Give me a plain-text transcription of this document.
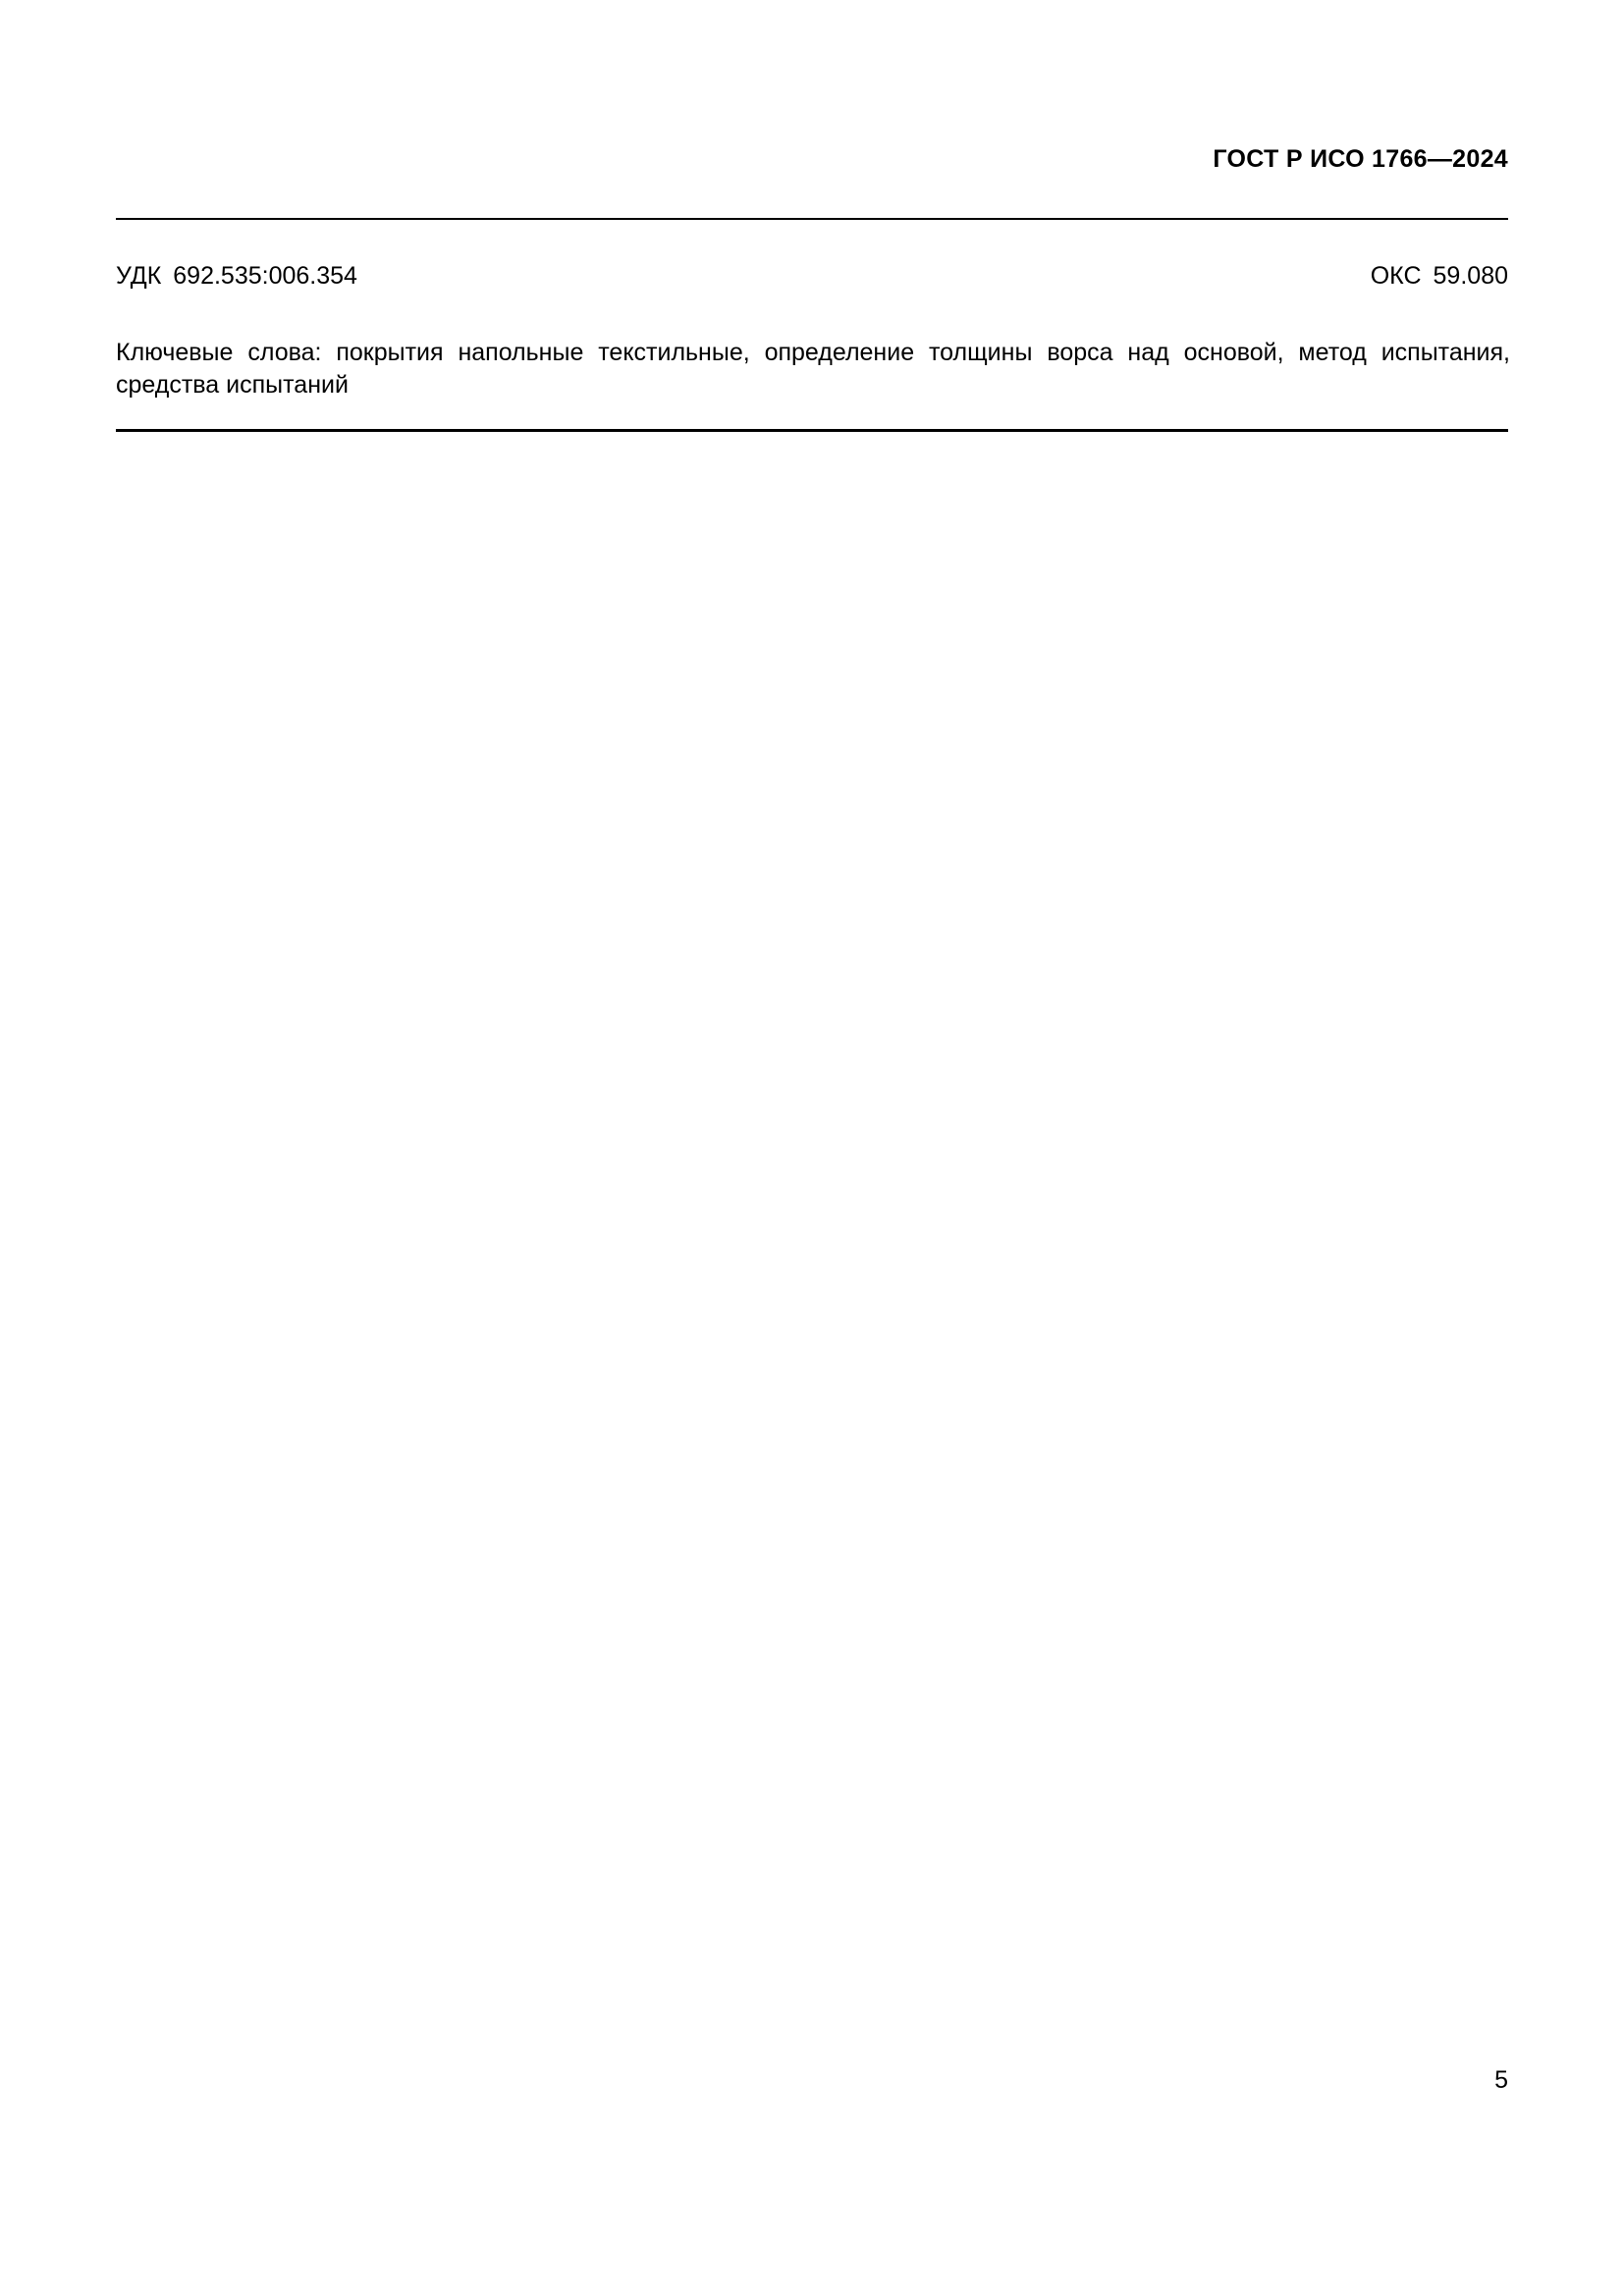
ГОСТ Р ИСО 1766—2024
УДК 692.535:006.354	ОКС 59.080
Ключевые слова: покрытия напольные текстильные, определение толщины ворса над основой, метод испытания, средства испытаний
5
